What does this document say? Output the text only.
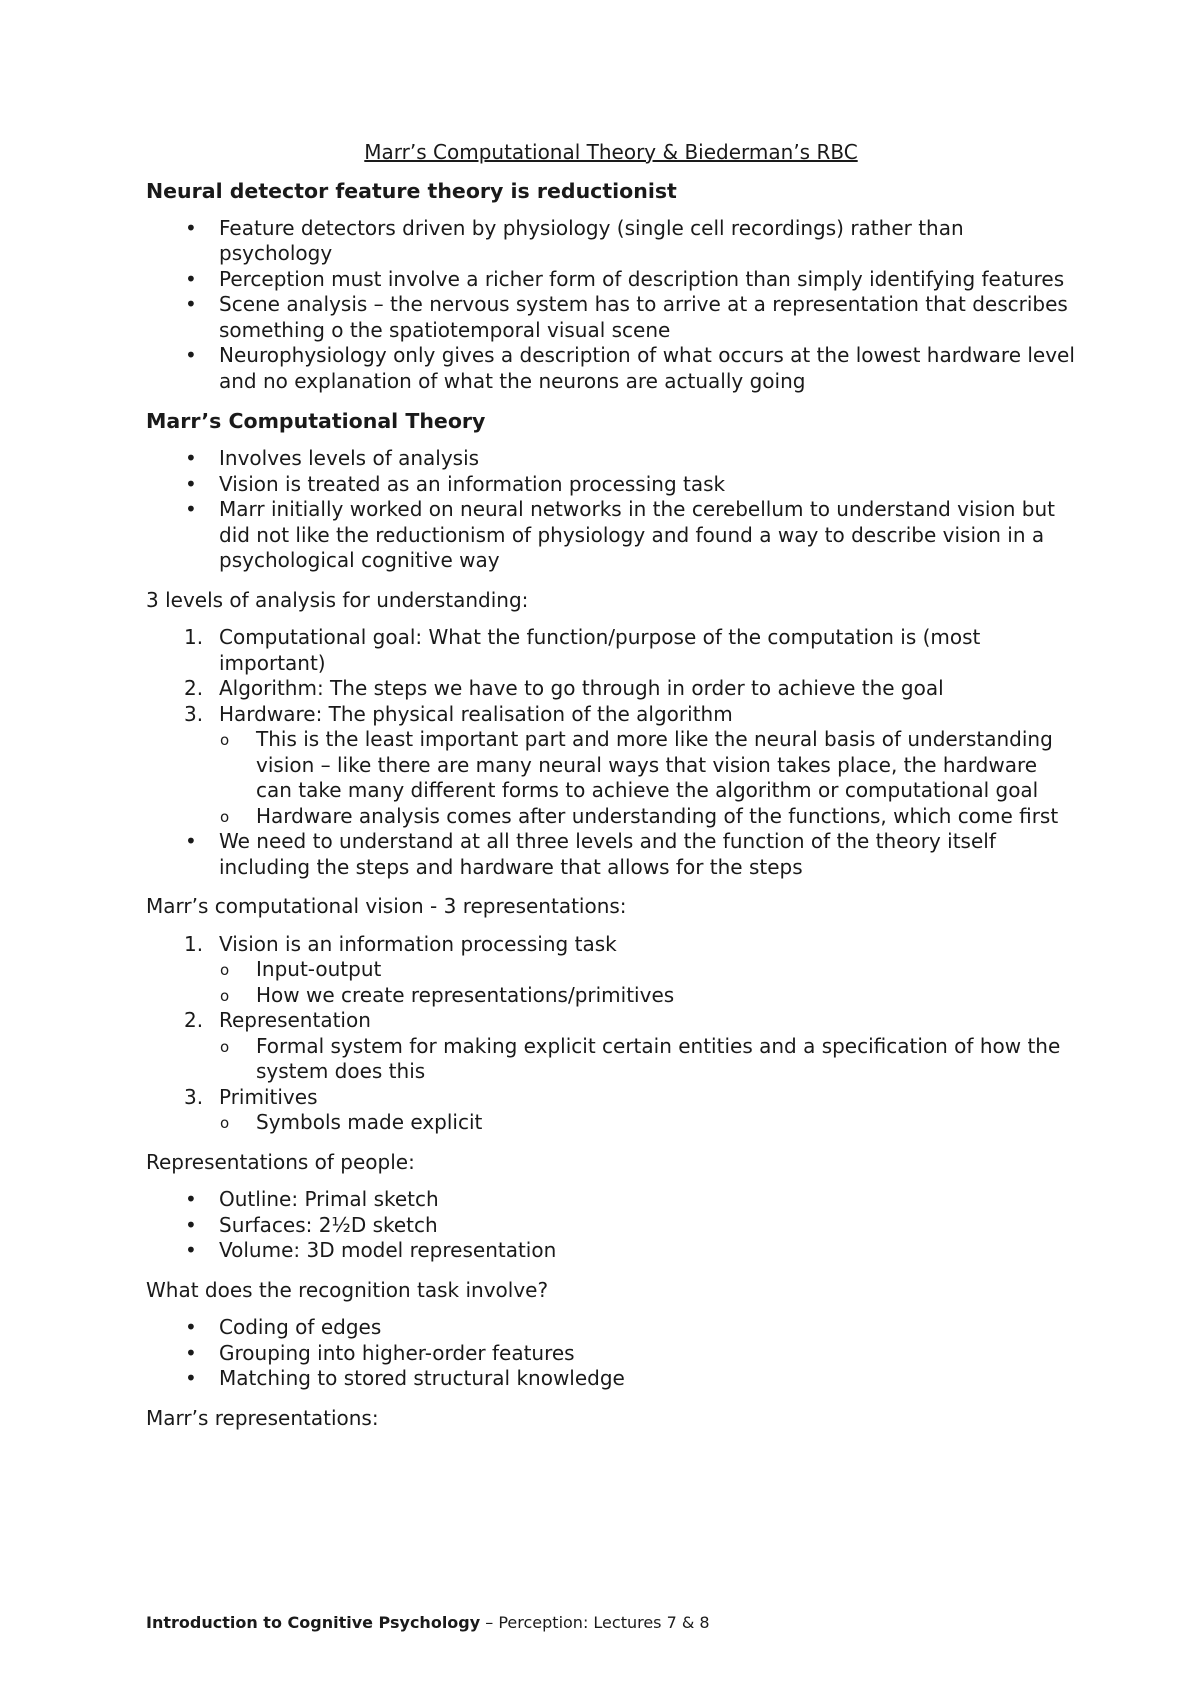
Marr’s Computational Theory & Biederman’s RBC
Neural detector feature theory is reductionist
• Feature detectors driven by physiology (single cell recordings) rather than psychology
• Perception must involve a richer form of description than simply identifying features
• Scene analysis – the nervous system has to arrive at a representation that describes something o the spatiotemporal visual scene
• Neurophysiology only gives a description of what occurs at the lowest hardware level and no explanation of what the neurons are actually going
Marr’s Computational Theory
• Involves levels of analysis
• Vision is treated as an information processing task
• Marr initially worked on neural networks in the cerebellum to understand vision but did not like the reductionism of physiology and found a way to describe vision in a psychological cognitive way

3 levels of analysis for understanding:

1. Computational goal: What the function/purpose of the computation is (most important)
2. Algorithm: The steps we have to go through in order to achieve the goal
3. Hardware: The physical realisation of the algorithm
o This is the least important part and more like the neural basis of understanding vision – like there are many neural ways that vision takes place, the hardware can take many different forms to achieve the algorithm or computational goal
o Hardware analysis comes after understanding of the functions, which come first
• We need to understand at all three levels and the function of the theory itself including the steps and hardware that allows for the steps

Marr’s computational vision - 3 representations:

1. Vision is an information processing task
o Input-output
o How we create representations/primitives
2. Representation
o Formal system for making explicit certain entities and a specification of how the system does this
3. Primitives
o Symbols made explicit

Representations of people:

• Outline: Primal sketch
• Surfaces: 2½D sketch
• Volume: 3D model representation

What does the recognition task involve?

• Coding of edges
• Grouping into higher-order features
• Matching to stored structural knowledge

Marr’s representations:

Introduction to Cognitive Psychology – Perception: Lectures 7 & 8
